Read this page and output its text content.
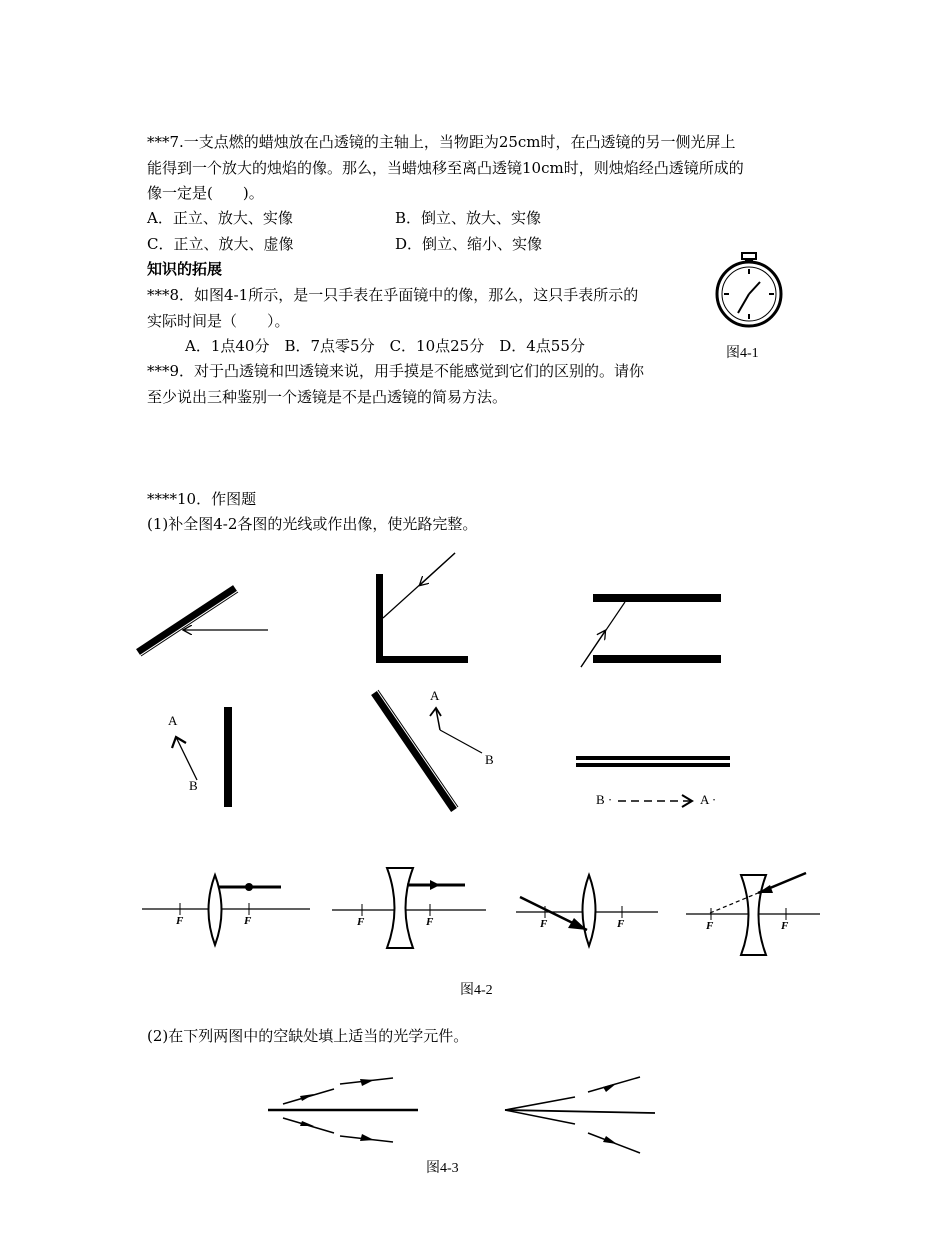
***7.一支点燃的蜡烛放在凸透镜的主轴上，当物距为25cm时，在凸透镜的另一侧光屏上
能得到一个放大的烛焰的像。那么，当蜡烛移至离凸透镜10cm时，则烛焰经凸透镜所成的
像一定是(　　)。
A．正立、放大、实像	B．倒立、放大、实像
C．正立、放大、虚像	D．倒立、缩小、实像
知识的拓展
***8．如图4-1所示，是一只手表在乎面镜中的像，那么，这只手表所示的
实际时间是（　　）。
A．1点40分　B．7点零5分　C．10点25分　D．4点55分	图4-1
***9．对于凸透镜和凹透镜来说，用手摸是不能感觉到它们的区别的。请你
至少说出三种鉴别一个透镜是不是凸透镜的简易方法。
****10．作图题
(1)补全图4-2各图的光线或作出像，使光路完整。
图4-2
(2)在下列两图中的空缺处填上适当的光学元件。
图4-3
A
B
A
B
B ·	A ·
F	F	F	F	F	F	F	F
